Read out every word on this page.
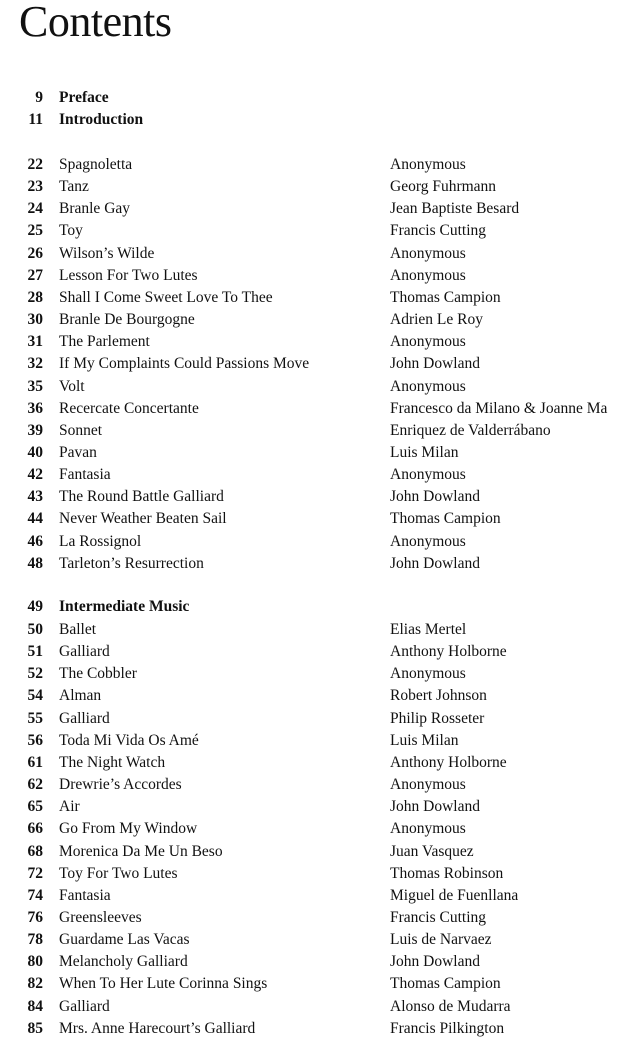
Contents
9 Preface
11 Introduction
22 Spagnoletta	Anonymous
23 Tanz	Georg Fuhrmann
24 Branle Gay	Jean Baptiste Besard
25 Toy	Francis Cutting
26 Wilson’s Wilde	Anonymous
27 Lesson For Two Lutes	Anonymous
28 Shall I Come Sweet Love To Thee	Thomas Campion
30 Branle De Bourgogne	Adrien Le Roy
31 The Parlement	Anonymous
32 If My Complaints Could Passions Move	John Dowland
35 Volt	Anonymous
36 Recercate Concertante	Francesco da Milano & Joanne Ma
39 Sonnet	Enriquez de Valderrábano
40 Pavan	Luis Milan
42 Fantasia	Anonymous
43 The Round Battle Galliard	John Dowland
44 Never Weather Beaten Sail	Thomas Campion
46 La Rossignol	Anonymous
48 Tarleton’s Resurrection	John Dowland
49 Intermediate Music
50 Ballet	Elias Mertel
51 Galliard	Anthony Holborne
52 The Cobbler	Anonymous
54 Alman	Robert Johnson
55 Galliard	Philip Rosseter
56 Toda Mi Vida Os Amé	Luis Milan
61 The Night Watch	Anthony Holborne
62 Drewrie’s Accordes	Anonymous
65 Air	John Dowland
66 Go From My Window	Anonymous
68 Morenica Da Me Un Beso	Juan Vasquez
72 Toy For Two Lutes	Thomas Robinson
74 Fantasia	Miguel de Fuenllana
76 Greensleeves	Francis Cutting
78 Guardame Las Vacas	Luis de Narvaez
80 Melancholy Galliard	John Dowland
82 When To Her Lute Corinna Sings	Thomas Campion
84 Galliard	Alonso de Mudarra
85 Mrs. Anne Harecourt’s Galliard	Francis Pilkington
